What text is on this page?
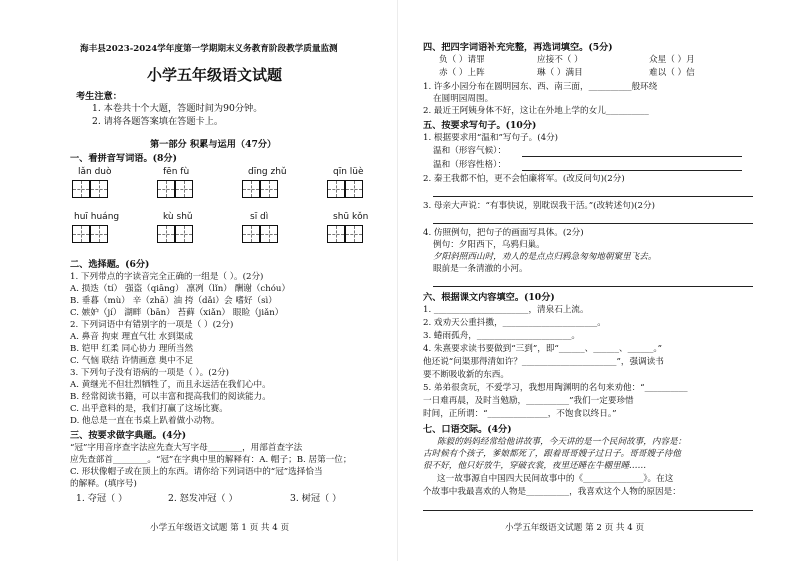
海丰县2023-2024学年度第一学期期末义务教育阶段教学质量监测
小学五年级语文试题
考生注意：
1. 本卷共十个大题，答题时间为90分钟。
2. 请将各题答案填在答题卡上。
第一部分 积累与运用（47分）
一、看拼音写词语。(8分)
lǎn duò	fēn fù	dīng zhǔ	qīn lüè
huī huáng	kù shǔ	sī dì	shū kǒn
二、选择题。(6分)
1. 下列带点的字读音完全正确的一组是（ ）。(2分)
A. 损迭（tí） 强盗（qiāng） 凛冽（lǐn） 酬谢（chóu）
B. 垂暮（mù） 辛（zhā）油 挎（dǎi）会 嗜好（sì）
C. 嫉妒（jí） 湖畔（bān） 苔藓（xiǎn） 眼睑（jiǎn）
2. 下列词语中有错别字的一项是（ ）(2分)
A. 鼻音 拘束 理直气壮 水到渠成
B. 铠甲 红柔 同心协力 理所当然
C. 气恼 联结 许情画意 奥中不足
3. 下列句子没有语病的一项是（ ）。(2分)
A. 黄继光不但壮烈牺牲了，而且永远活在我们心中。
B. 经常阅读书籍，可以丰富和提高我们的阅读能力。
C. 出乎意料的是，我们打赢了这场比赛。
D. 他总是一直在书桌上趴着做小动物。
三、按要求做字典题。(4分)
“冠”字用音序查字法应先查大写字母________，用部首查字法
应先查部首________。“冠”在字典中里的解释有：A. 帽子；B. 居第一位；
C. 形状像帽子或在顶上的东西。请你给下列词语中的“冠”选择恰当
的解释。(填序号)
1. 夺冠（ ）	2. 怒发冲冠（ ）	3. 树冠（ ）
小学五年级语文试题 第 1 页 共 4 页
四、把四字词语补充完整，再选词填空。(5分)
负（ ）请罪	应接不（ ）	众星（ ）月
赤（ ）上阵	琳（ ）满目	难以（ ）信
1. 许多小园分布在圆明园东、西、南三面，__________般环绕
在圆明园周围。
2. 最近王阿姨身体不好，这让在外地上学的女儿__________
五、按要求写句子。(10分)
1. 根据要求用“温和”写句子。(4分)
温和（形容气候）：
温和（形容性格）：
2. 秦王我都不怕，更不会怕廉将军。(改反问句)(2分)
3. 母亲大声说：“有事快说，别耽误我干活。”(改转述句)(2分)
4. 仿照例句，把句子的画面写具体。(2分)
例句：夕阳西下，乌鸦归巢。
夕阳斜照西山时，劝人的是点点归鸦急匆匆地朝窠里飞去。
眼前是一条清澈的小河。
六、根据课文内容填空。(10分)
1. ______________________，清泉石上流。
2. 戏劝天公重抖擞，______________________。
3. 蜷雨孤舟，______________________。
4. 朱熹要求读书要做到“三到”，即“______、______、______。”
他还说“问渠那得清如许？______________________”，强调读书
要不断吸收新的东西。
5. 弟弟很贪玩，不爱学习，我想用陶渊明的名句来劝他：“__________
一日难再晨，及时当勉励，__________”我们一定要珍惜
时间，正所谓：“______________，不饱食以终日。”
七、口语交际。(4分)
陈毅的妈妈经常给他讲故事，今天讲的是一个民间故事，内容是：
古时候有个孩子，爹娘都死了，跟着哥哥嫂子过日子。哥哥嫂子待他
很不好，他只好放牛，穿破衣裳，夜里还睡在牛棚里睡……
这一故事源自中国四大民间故事中的《______________》。在这
个故事中我最喜欢的人物是__________，我喜欢这个人物的原因是：
小学五年级语文试题 第 2 页 共 4 页
